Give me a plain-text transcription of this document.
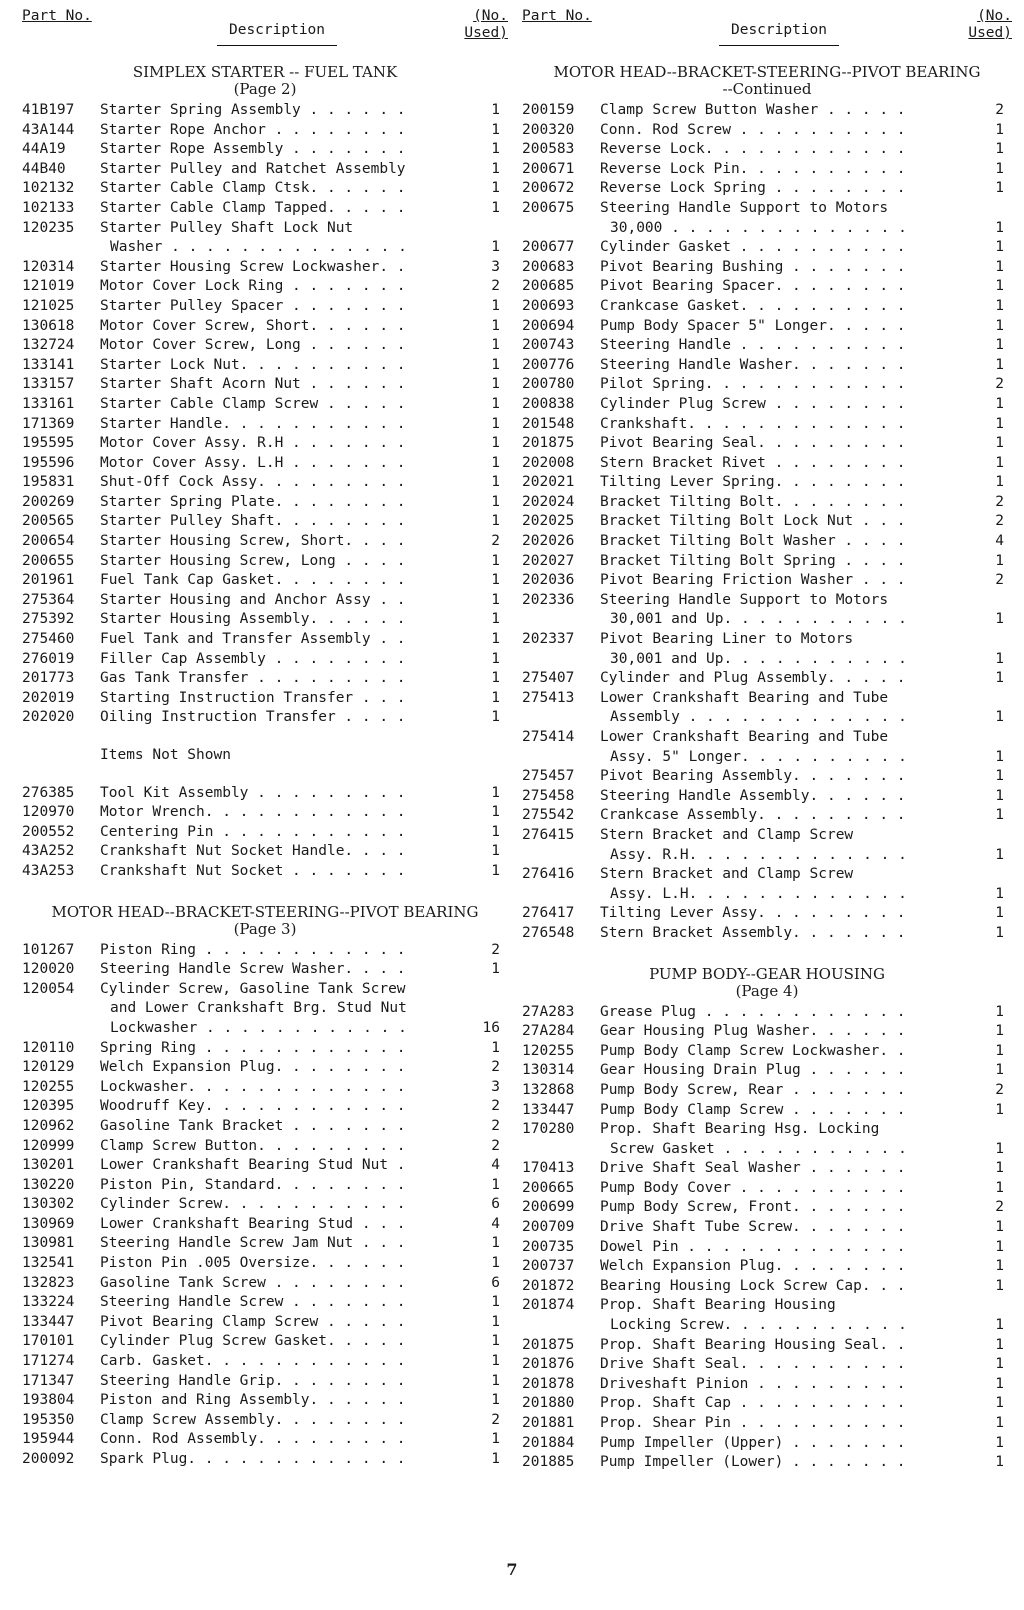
Part No.
Description
(No. Used)
SIMPLEX STARTER -- FUEL TANK
(Page 2)
41B197	Starter Spring Assembly . . . . . .	1
43A144	Starter Rope Anchor . . . . . . . .	1
44A19	Starter Rope Assembly . . . . . . .	1
44B40	Starter Pulley and Ratchet Assembly	1
102132	Starter Cable Clamp Ctsk. . . . . .	1
102133	Starter Cable Clamp Tapped. . . . .	1
120235	Starter Pulley Shaft Lock Nut
Washer . . . . . . . . . . . . . .	1
120314	Starter Housing Screw Lockwasher. .	3
121019	Motor Cover Lock Ring . . . . . . .	2
121025	Starter Pulley Spacer . . . . . . .	1
130618	Motor Cover Screw, Short. . . . . .	1
132724	Motor Cover Screw, Long . . . . . .	1
133141	Starter Lock Nut. . . . . . . . . .	1
133157	Starter Shaft Acorn Nut . . . . . .	1
133161	Starter Cable Clamp Screw . . . . .	1
171369	Starter Handle. . . . . . . . . . .	1
195595	Motor Cover Assy. R.H . . . . . . .	1
195596	Motor Cover Assy. L.H . . . . . . .	1
195831	Shut-Off Cock Assy. . . . . . . . .	1
200269	Starter Spring Plate. . . . . . . .	1
200565	Starter Pulley Shaft. . . . . . . .	1
200654	Starter Housing Screw, Short. . . .	2
200655	Starter Housing Screw, Long . . . .	1
201961	Fuel Tank Cap Gasket. . . . . . . .	1
275364	Starter Housing and Anchor Assy . .	1
275392	Starter Housing Assembly. . . . . .	1
275460	Fuel Tank and Transfer Assembly . .	1
276019	Filler Cap Assembly . . . . . . . .	1
201773	Gas Tank Transfer . . . . . . . . .	1
202019	Starting Instruction Transfer . . .	1
202020	Oiling Instruction Transfer . . . .	1
Items Not Shown
276385	Tool Kit Assembly . . . . . . . . .	1
120970	Motor Wrench. . . . . . . . . . . .	1
200552	Centering Pin . . . . . . . . . . .	1
43A252	Crankshaft Nut Socket Handle. . . .	1
43A253	Crankshaft Nut Socket . . . . . . .	1
MOTOR HEAD--BRACKET-STEERING--PIVOT BEARING
(Page 3)
101267	Piston Ring . . . . . . . . . . . .	2
120020	Steering Handle Screw Washer. . . .	1
120054	Cylinder Screw, Gasoline Tank Screw
and Lower Crankshaft Brg. Stud Nut
Lockwasher . . . . . . . . . . . .	16
120110	Spring Ring . . . . . . . . . . . .	1
120129	Welch Expansion Plug. . . . . . . .	2
120255	Lockwasher. . . . . . . . . . . . .	3
120395	Woodruff Key. . . . . . . . . . . .	2
120962	Gasoline Tank Bracket . . . . . . .	2
120999	Clamp Screw Button. . . . . . . . .	2
130201	Lower Crankshaft Bearing Stud Nut .	4
130220	Piston Pin, Standard. . . . . . . .	1
130302	Cylinder Screw. . . . . . . . . . .	6
130969	Lower Crankshaft Bearing Stud . . .	4
130981	Steering Handle Screw Jam Nut . . .	1
132541	Piston Pin .005 Oversize. . . . . .	1
132823	Gasoline Tank Screw . . . . . . . .	6
133224	Steering Handle Screw . . . . . . .	1
133447	Pivot Bearing Clamp Screw . . . . .	1
170101	Cylinder Plug Screw Gasket. . . . .	1
171274	Carb. Gasket. . . . . . . . . . . .	1
171347	Steering Handle Grip. . . . . . . .	1
193804	Piston and Ring Assembly. . . . . .	1
195350	Clamp Screw Assembly. . . . . . . .	2
195944	Conn. Rod Assembly. . . . . . . . .	1
200092	Spark Plug. . . . . . . . . . . . .	1
Part No.
Description
(No. Used)
MOTOR HEAD--BRACKET-STEERING--PIVOT BEARING
--Continued
200159	Clamp Screw Button Washer . . . . .	2
200320	Conn. Rod Screw . . . . . . . . . .	1
200583	Reverse Lock. . . . . . . . . . . .	1
200671	Reverse Lock Pin. . . . . . . . . .	1
200672	Reverse Lock Spring . . . . . . . .	1
200675	Steering Handle Support to Motors
30,000 . . . . . . . . . . . . . .	1
200677	Cylinder Gasket . . . . . . . . . .	1
200683	Pivot Bearing Bushing . . . . . . .	1
200685	Pivot Bearing Spacer. . . . . . . .	1
200693	Crankcase Gasket. . . . . . . . . .	1
200694	Pump Body Spacer 5" Longer. . . . .	1
200743	Steering Handle . . . . . . . . . .	1
200776	Steering Handle Washer. . . . . . .	1
200780	Pilot Spring. . . . . . . . . . . .	2
200838	Cylinder Plug Screw . . . . . . . .	1
201548	Crankshaft. . . . . . . . . . . . .	1
201875	Pivot Bearing Seal. . . . . . . . .	1
202008	Stern Bracket Rivet . . . . . . . .	1
202021	Tilting Lever Spring. . . . . . . .	1
202024	Bracket Tilting Bolt. . . . . . . .	2
202025	Bracket Tilting Bolt Lock Nut . . .	2
202026	Bracket Tilting Bolt Washer . . . .	4
202027	Bracket Tilting Bolt Spring . . . .	1
202036	Pivot Bearing Friction Washer . . .	2
202336	Steering Handle Support to Motors
30,001 and Up. . . . . . . . . . .	1
202337	Pivot Bearing Liner to Motors
30,001 and Up. . . . . . . . . . .	1
275407	Cylinder and Plug Assembly. . . . .	1
275413	Lower Crankshaft Bearing and Tube
Assembly . . . . . . . . . . . . .	1
275414	Lower Crankshaft Bearing and Tube
Assy. 5" Longer. . . . . . . . . .	1
275457	Pivot Bearing Assembly. . . . . . .	1
275458	Steering Handle Assembly. . . . . .	1
275542	Crankcase Assembly. . . . . . . . .	1
276415	Stern Bracket and Clamp Screw
Assy. R.H. . . . . . . . . . . . .	1
276416	Stern Bracket and Clamp Screw
Assy. L.H. . . . . . . . . . . . .	1
276417	Tilting Lever Assy. . . . . . . . .	1
276548	Stern Bracket Assembly. . . . . . .	1
PUMP BODY--GEAR HOUSING
(Page 4)
27A283	Grease Plug . . . . . . . . . . . .	1
27A284	Gear Housing Plug Washer. . . . . .	1
120255	Pump Body Clamp Screw Lockwasher. .	1
130314	Gear Housing Drain Plug . . . . . .	1
132868	Pump Body Screw, Rear . . . . . . .	2
133447	Pump Body Clamp Screw . . . . . . .	1
170280	Prop. Shaft Bearing Hsg. Locking
Screw Gasket . . . . . . . . . . .	1
170413	Drive Shaft Seal Washer . . . . . .	1
200665	Pump Body Cover . . . . . . . . . .	1
200699	Pump Body Screw, Front. . . . . . .	2
200709	Drive Shaft Tube Screw. . . . . . .	1
200735	Dowel Pin . . . . . . . . . . . . .	1
200737	Welch Expansion Plug. . . . . . . .	1
201872	Bearing Housing Lock Screw Cap. . .	1
201874	Prop. Shaft Bearing Housing
Locking Screw. . . . . . . . . . .	1
201875	Prop. Shaft Bearing Housing Seal. .	1
201876	Drive Shaft Seal. . . . . . . . . .	1
201878	Driveshaft Pinion . . . . . . . . .	1
201880	Prop. Shaft Cap . . . . . . . . . .	1
201881	Prop. Shear Pin . . . . . . . . . .	1
201884	Pump Impeller (Upper) . . . . . . .	1
201885	Pump Impeller (Lower) . . . . . . .	1
7
